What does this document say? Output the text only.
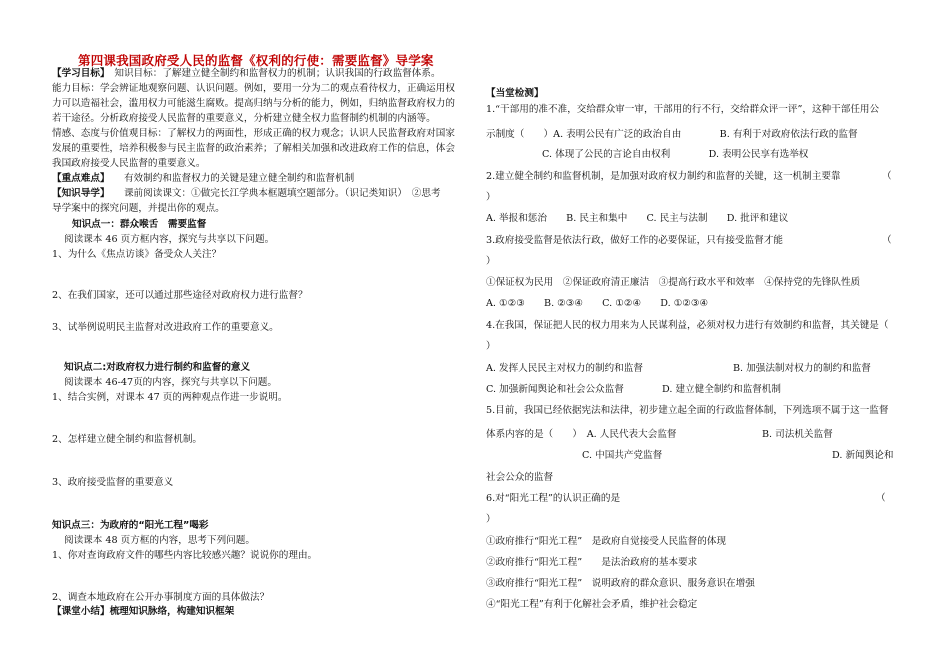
第四课我国政府受人民的监督《权利的行使：需要监督》导学案
【学习目标】　 知识目标：了解建立健全制约和监督权力的机制；认识我国的行政监督体系。
能力目标：学会辨证地观察问题、认识问题。例如，要用一分为二的观点看待权力，正确运用权
力可以造福社会，滥用权力可能滋生腐败。提高归纳与分析的能力，例如，归纳监督政府权力的
若干途径。分析政府接受人民监督的重要意义，分析建立健全权力监督制约机制的内涵等。
情感、态度与价值观目标：了解权力的两面性，形成正确的权力观念；认识人民监督政府对国家
发展的重要性，培养积极参与民主监督的政治素养；了解相关加强和改进政府工作的信息，体会
我国政府接受人民监督的重要意义。
【重点难点】　　 有效制约和监督权力的关键是建立健全制约和监督机制
【知识导学】　　 课前阅读课文：①做完长江学典本框题填空题部分。（识记类知识）　②思考
导学案中的探究问题，并提出你的观点。
知识点一：群众喉舌　需要监督
阅读课本 46 页方框内容，探究与共享以下问题。
1、为什么《焦点访谈》备受众人关注？
2、在我们国家，还可以通过那些途径对政府权力进行监督？
3、试举例说明民主监督对改进政府工作的重要意义。
知识点二:对政府权力进行制约和监督的意义
阅读课本 46-47页的内容，探究与共享以下问题。
1、结合实例，对课本 47 页的两种观点作进一步说明。
2、怎样建立健全制约和监督机制。
3、政府接受监督的重要意义
知识点三：为政府的“阳光工程”喝彩
阅读课本 48 页方框的内容，思考下列问题。
1、你对查询政府文件的哪些内容比较感兴趣？说说你的理由。
2、调查本地政府在公开办事制度方面的具体做法？
【课堂小结】梳理知识脉络，构建知识框架
【当堂检测】
1.“干部用的准不准，交给群众审一审，干部用的行不行，交给群众评一评”，这种干部任用公
示制度（　　）A. 表明公民有广泛的政治自由　　　　B. 有利于对政府依法行政的监督
C. 体现了公民的言论自由权利　　　　D. 表明公民享有选举权
2.建立健全制约和监督机制，是加强对政府权力制约和监督的关键，这一机制主要靠	（
）
A. 举报和惩治　　B. 民主和集中　　C. 民主与法制　　D. 批评和建议
3.政府接受监督是依法行政，做好工作的必要保证，只有接受监督才能	（
）
①保证权为民用　②保证政府清正廉洁　③提高行政水平和效率　④保持党的先锋队性质
A. ①②③　　B. ②③④　　C. ①②④　　D. ①②③④
4.在我国，保证把人民的权力用来为人民谋利益，必须对权力进行有效制约和监督，其关键是（
）
A. 发挥人民民主对权力的制约和监督	B. 加强法制对权力的制约和监督
C. 加强新闻舆论和社会公众监督	D. 建立健全制约和监督机制
5.目前，我国已经依据宪法和法律，初步建立起全面的行政监督体制，下列选项不属于这一监督
体系内容的是（　　）　A. 人民代表大会监督	B. 司法机关监督
C. 中国共产党监督	D. 新闻舆论和
社会公众的监督
6.对“阳光工程”的认识正确的是	（
）
①政府推行“阳光工程”　是政府自觉接受人民监督的体现
②政府推行“阳光工程”　　是法治政府的基本要求
③政府推行“阳光工程”　说明政府的群众意识、服务意识在增强
④“阳光工程”有利于化解社会矛盾，维护社会稳定
